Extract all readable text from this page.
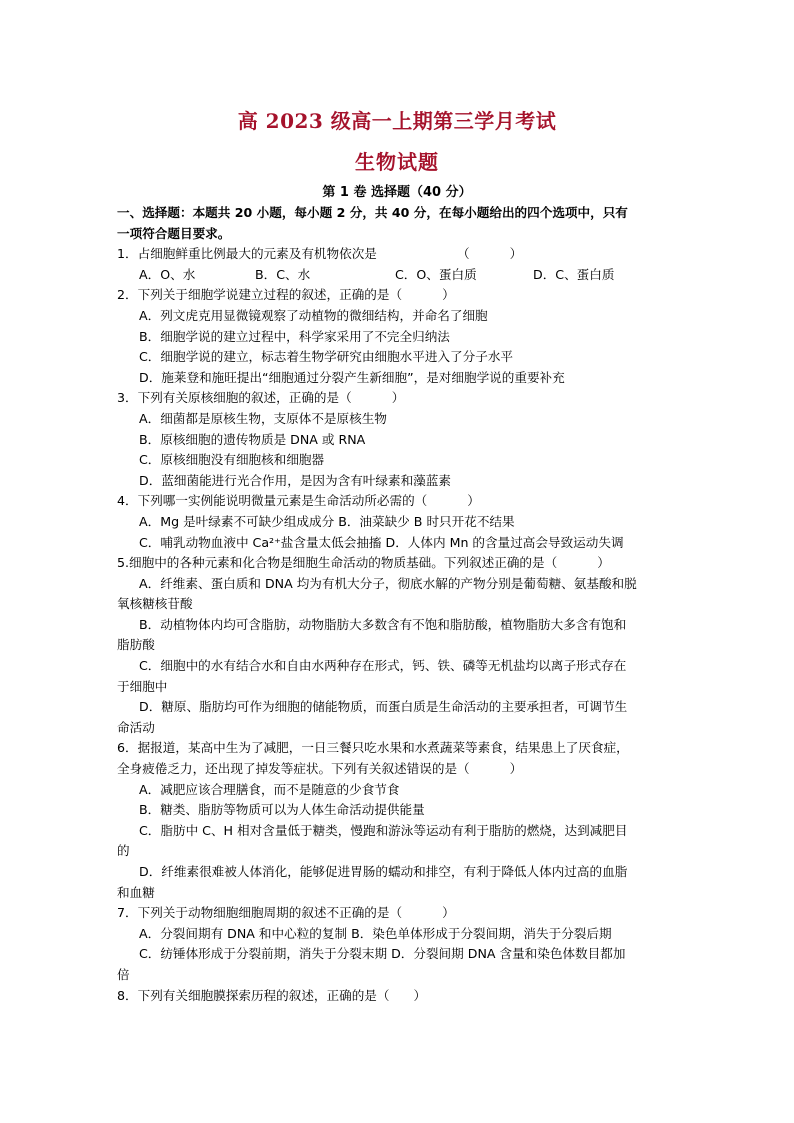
高 2023 级高一上期第三学月考试
生物试题
第 1 卷 选择题（40 分）
一、选择题：本题共 20 小题，每小题 2 分，共 40 分，在每小题给出的四个选项中，只有
一项符合题目要求。
1．占细胞鲜重比例最大的元素及有机物依次是                    （          ）
A．O、水	B．C、水	C．O、蛋白质	D．C、蛋白质
2．下列关于细胞学说建立过程的叙述，正确的是（          ）
A．列文虎克用显微镜观察了动植物的微细结构，并命名了细胞
B．细胞学说的建立过程中，科学家采用了不完全归纳法
C．细胞学说的建立，标志着生物学研究由细胞水平进入了分子水平
D．施莱登和施旺提出“细胞通过分裂产生新细胞”，是对细胞学说的重要补充
3．下列有关原核细胞的叙述，正确的是（          ）
A．细菌都是原核生物，支原体不是原核生物
B．原核细胞的遗传物质是 DNA 或 RNA
C．原核细胞没有细胞核和细胞器
D．蓝细菌能进行光合作用，是因为含有叶绿素和藻蓝素
4．下列哪一实例能说明微量元素是生命活动所必需的（          ）
A．Mg 是叶绿素不可缺少组成成分 B．油菜缺少 B 时只开花不结果
C．哺乳动物血液中 Ca²⁺盐含量太低会抽搐 D．人体内 Mn 的含量过高会导致运动失调
5.细胞中的各种元素和化合物是细胞生命活动的物质基础。下列叙述正确的是（          ）
A．纤维素、蛋白质和 DNA 均为有机大分子，彻底水解的产物分别是葡萄糖、氨基酸和脱
氧核糖核苷酸
B．动植物体内均可含脂肪，动物脂肪大多数含有不饱和脂肪酸，植物脂肪大多含有饱和
脂肪酸
C．细胞中的水有结合水和自由水两种存在形式，钙、铁、磷等无机盐均以离子形式存在
于细胞中
D．糖原、脂肪均可作为细胞的储能物质，而蛋白质是生命活动的主要承担者，可调节生
命活动
6．据报道，某高中生为了减肥，一日三餐只吃水果和水煮蔬菜等素食，结果患上了厌食症，
全身疲倦乏力，还出现了掉发等症状。下列有关叙述错误的是（          ）
A．减肥应该合理膳食，而不是随意的少食节食
B．糖类、脂肪等物质可以为人体生命活动提供能量
C．脂肪中 C、H 相对含量低于糖类，慢跑和游泳等运动有利于脂肪的燃烧，达到减肥目
的
D．纤维素很难被人体消化，能够促进胃肠的蠕动和排空，有利于降低人体内过高的血脂
和血糖
7．下列关于动物细胞细胞周期的叙述不正确的是（          ）
A．分裂间期有 DNA 和中心粒的复制 B．染色单体形成于分裂间期，消失于分裂后期
C．纺锤体形成于分裂前期，消失于分裂末期 D．分裂间期 DNA 含量和染色体数目都加
倍
8．下列有关细胞膜探索历程的叙述，正确的是（      ）
